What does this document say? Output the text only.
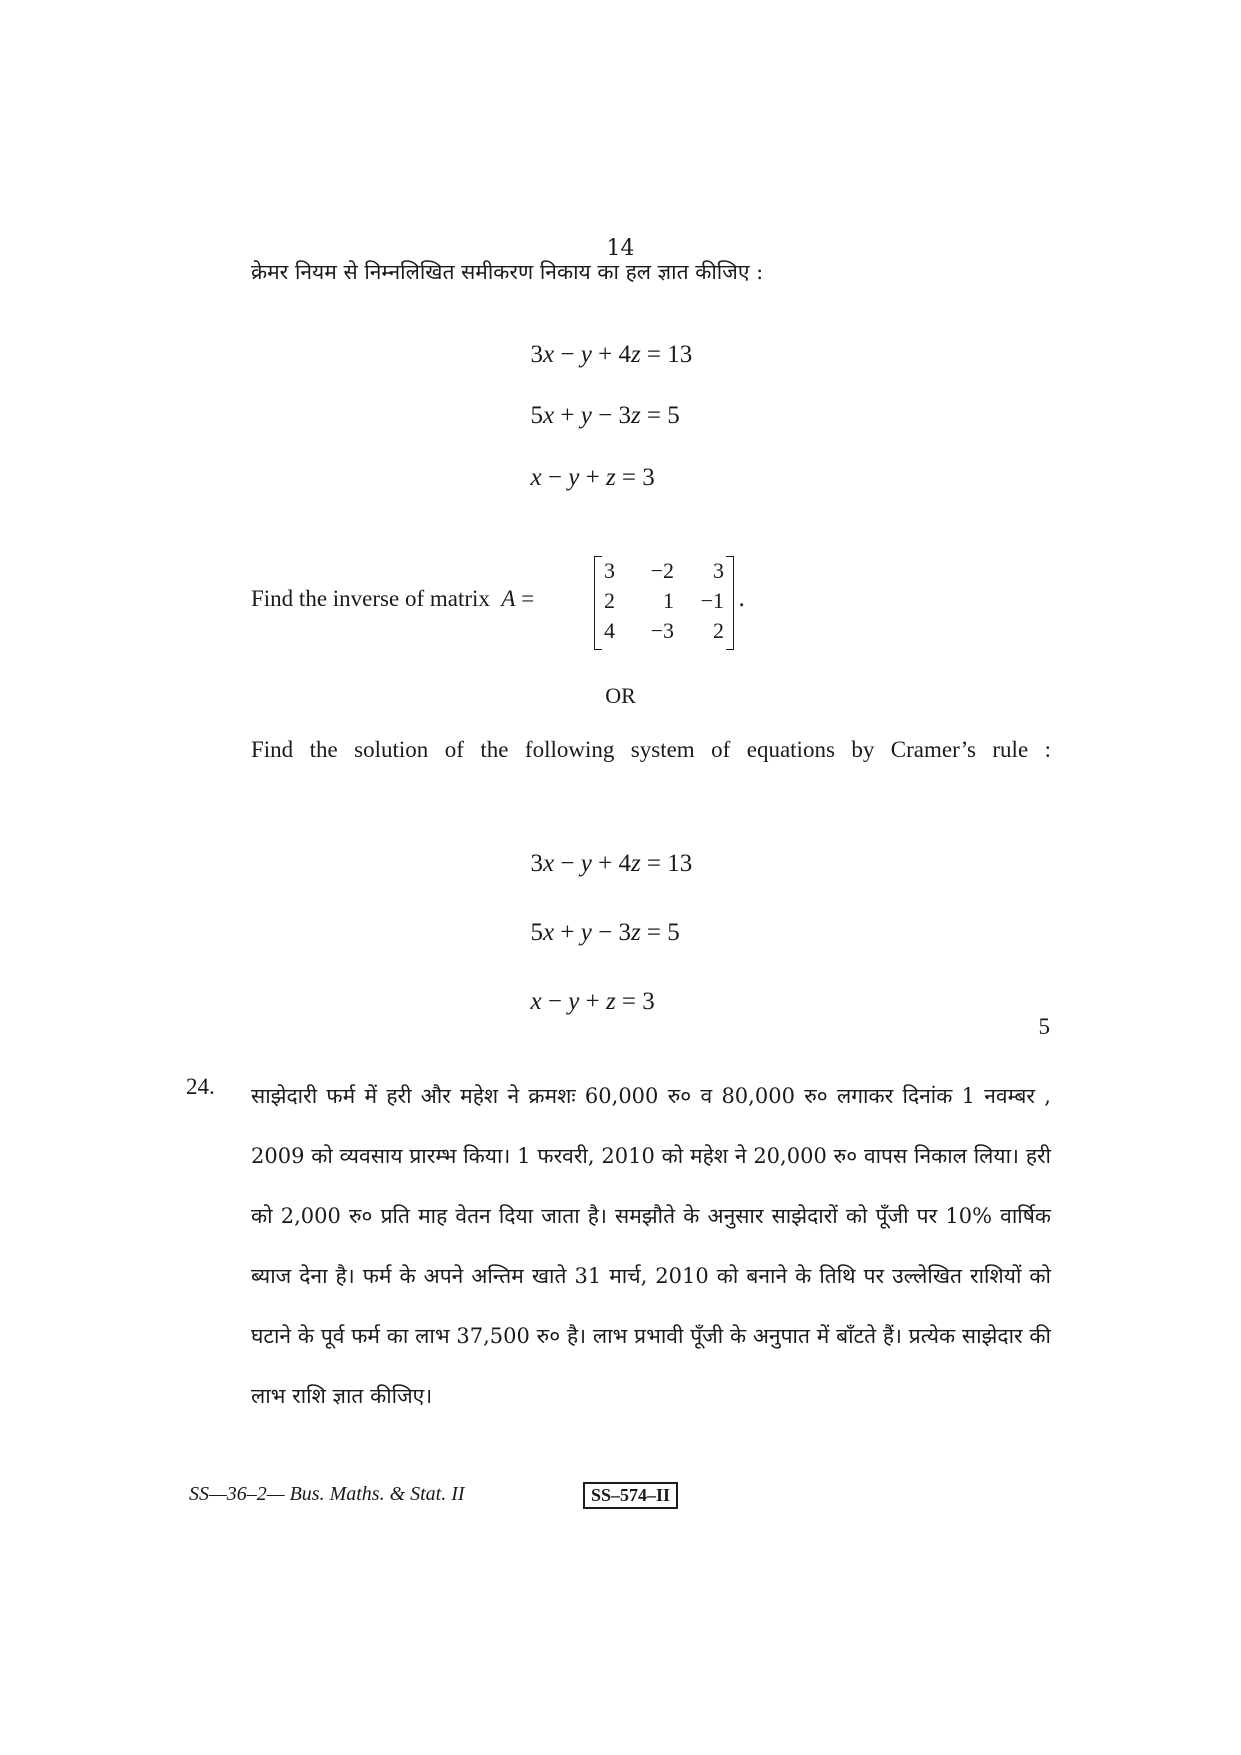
14
क्रेमर नियम से निम्नलिखित समीकरण निकाय का हल ज्ञात कीजिए :

3x − y + 4z = 13

5x + y − 3z = 5

x − y + z = 3

Find the inverse of matrix A =
3	−2	3
2	1	−1
4	−3	2
.
OR
Find the solution of the following system of equations by Cramer’s rule :

3x − y + 4z = 13

5x + y − 3z = 5

x − y + z = 3

5
24. साझेदारी फर्म में हरी और महेश ने क्रमशः 60,000 रु० व 80,000 रु० लगाकर दिनांक 1 नवम्बर , 2009 को व्यवसाय प्रारम्भ किया। 1 फरवरी, 2010 को महेश ने 20,000 रु० वापस निकाल लिया। हरी को 2,000 रु० प्रति माह वेतन दिया जाता है। समझौते के अनुसार साझेदारों को पूँजी पर 10% वार्षिक ब्याज देना है। फर्म के अपने अन्तिम खाते 31 मार्च, 2010 को बनाने के तिथि पर उल्लेखित राशियों को घटाने के पूर्व फर्म का लाभ 37,500 रु० है। लाभ प्रभावी पूँजी के अनुपात में बाँटते हैं। प्रत्येक साझेदार की लाभ राशि ज्ञात कीजिए।
SS—36–2— Bus. Maths. & Stat. II	SS–574–II
